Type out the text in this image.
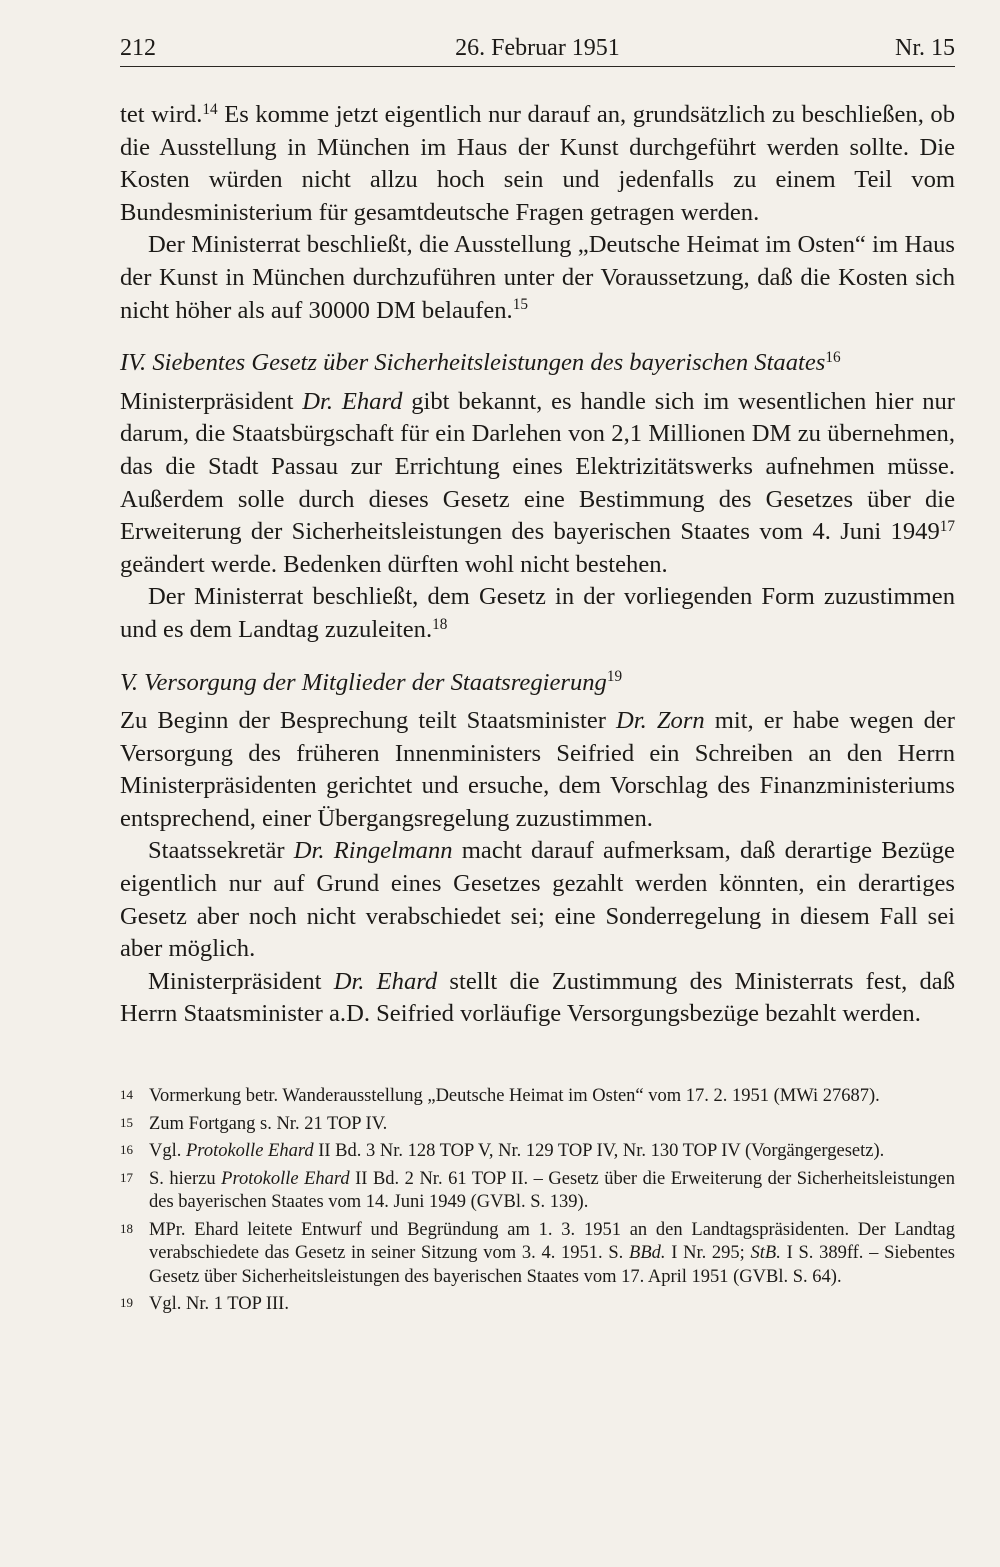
212	26. Februar 1951	Nr. 15

tet wird.$^{14}$ Es komme jetzt eigentlich nur darauf an, grundsätzlich zu beschließen, ob die Ausstellung in München im Haus der Kunst durchgeführt werden sollte. Die Kosten würden nicht allzu hoch sein und jedenfalls zu einem Teil vom Bundesministerium für gesamtdeutsche Fragen getragen werden.

Der Ministerrat beschließt, die Ausstellung „Deutsche Heimat im Osten“ im Haus der Kunst in München durchzuführen unter der Voraussetzung, daß die Kosten sich nicht höher als auf 30000 DM belaufen.$^{15}$

IV. Siebentes Gesetz über Sicherheitsleistungen des bayerischen Staates$^{16}$

Ministerpräsident Dr. Ehard gibt bekannt, es handle sich im wesentlichen hier nur darum, die Staatsbürgschaft für ein Darlehen von 2,1 Millionen DM zu übernehmen, das die Stadt Passau zur Errichtung eines Elektrizitätswerks aufnehmen müsse. Außerdem solle durch dieses Gesetz eine Bestimmung des Gesetzes über die Erweiterung der Sicherheitsleistungen des bayerischen Staates vom 4. Juni 1949$^{17}$ geändert werde. Bedenken dürften wohl nicht bestehen.

Der Ministerrat beschließt, dem Gesetz in der vorliegenden Form zuzustimmen und es dem Landtag zuzuleiten.$^{18}$

V. Versorgung der Mitglieder der Staatsregierung$^{19}$

Zu Beginn der Besprechung teilt Staatsminister Dr. Zorn mit, er habe wegen der Versorgung des früheren Innenministers Seifried ein Schreiben an den Herrn Ministerpräsidenten gerichtet und ersuche, dem Vorschlag des Finanzministeriums entsprechend, einer Übergangsregelung zuzustimmen.

Staatssekretär Dr. Ringelmann macht darauf aufmerksam, daß derartige Bezüge eigentlich nur auf Grund eines Gesetzes gezahlt werden könnten, ein derartiges Gesetz aber noch nicht verabschiedet sei; eine Sonderregelung in diesem Fall sei aber möglich.

Ministerpräsident Dr. Ehard stellt die Zustimmung des Ministerrats fest, daß Herrn Staatsminister a.D. Seifried vorläufige Versorgungsbezüge bezahlt werden.

14 Vormerkung betr. Wanderausstellung „Deutsche Heimat im Osten“ vom 17. 2. 1951 (MWi 27687).
15 Zum Fortgang s. Nr. 21 TOP IV.
16 Vgl. Protokolle Ehard II Bd. 3 Nr. 128 TOP V, Nr. 129 TOP IV, Nr. 130 TOP IV (Vorgängergesetz).
17 S. hierzu Protokolle Ehard II Bd. 2 Nr. 61 TOP II. – Gesetz über die Erweiterung der Sicherheitsleistungen des bayerischen Staates vom 14. Juni 1949 (GVBl. S. 139).
18 MPr. Ehard leitete Entwurf und Begründung am 1. 3. 1951 an den Landtagspräsidenten. Der Landtag verabschiedete das Gesetz in seiner Sitzung vom 3. 4. 1951. S. BBd. I Nr. 295; StB. I S. 389ff. – Siebentes Gesetz über Sicherheitsleistungen des bayerischen Staates vom 17. April 1951 (GVBl. S. 64).
19 Vgl. Nr. 1 TOP III.
